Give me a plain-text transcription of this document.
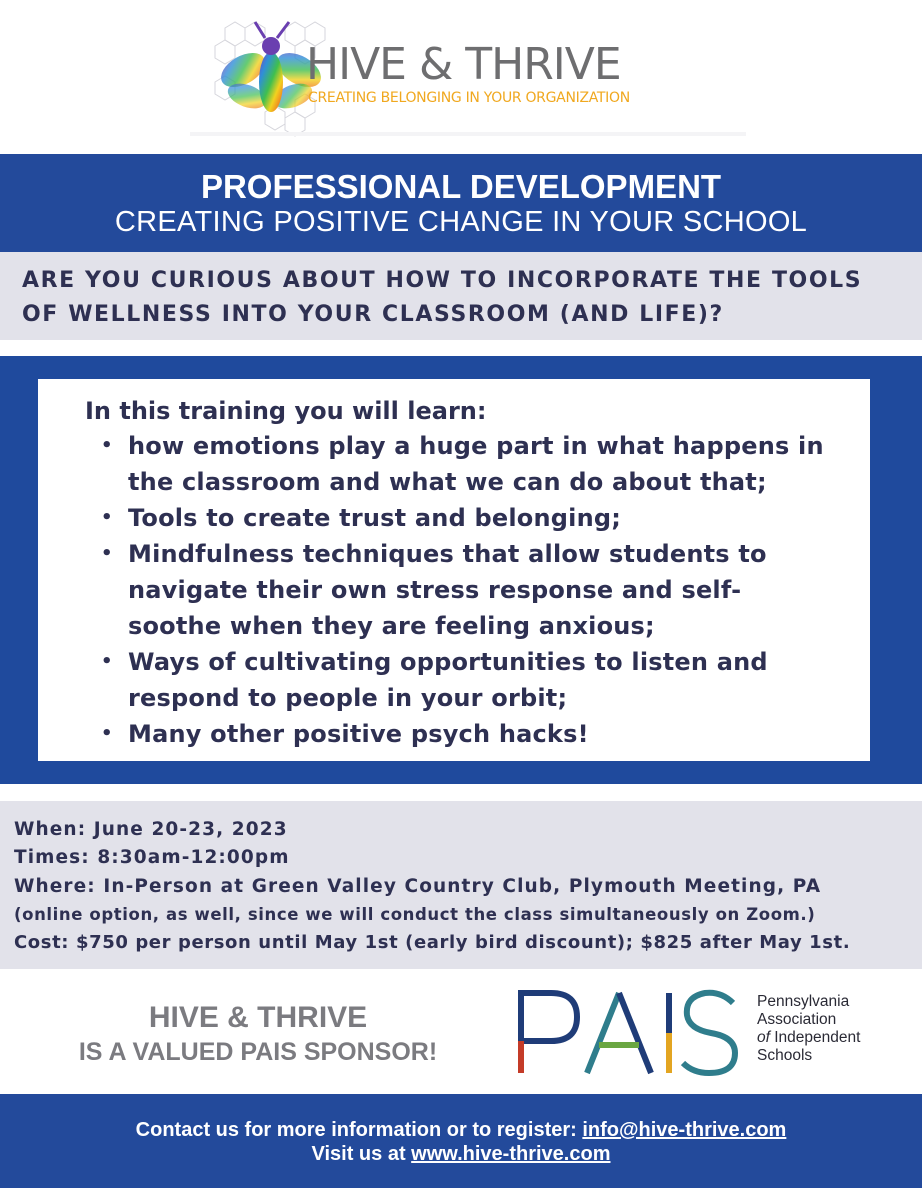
HIVE & THRIVE
CREATING BELONGING IN YOUR ORGANIZATION
PROFESSIONAL DEVELOPMENT
CREATING POSITIVE CHANGE IN YOUR SCHOOL
ARE YOU CURIOUS ABOUT HOW TO INCORPORATE THE TOOLS OF WELLNESS INTO YOUR CLASSROOM (AND LIFE)?
In this training you will learn:
• how emotions play a huge part in what happens in the classroom and what we can do about that;
• Tools to create trust and belonging;
• Mindfulness techniques that allow students to navigate their own stress response and self-soothe when they are feeling anxious;
• Ways of cultivating opportunities to listen and respond to people in your orbit;
• Many other positive psych hacks!
When: June 20-23, 2023
Times: 8:30am-12:00pm
Where: In-Person at Green Valley Country Club, Plymouth Meeting, PA
(online option, as well, since we will conduct the class simultaneously on Zoom.)
Cost: $750 per person until May 1st (early bird discount); $825 after May 1st.
HIVE & THRIVE
IS A VALUED PAIS SPONSOR!
Pennsylvania
Association
of Independent
Schools
Contact us for more information or to register: info@hive-thrive.com
Visit us at www.hive-thrive.com
